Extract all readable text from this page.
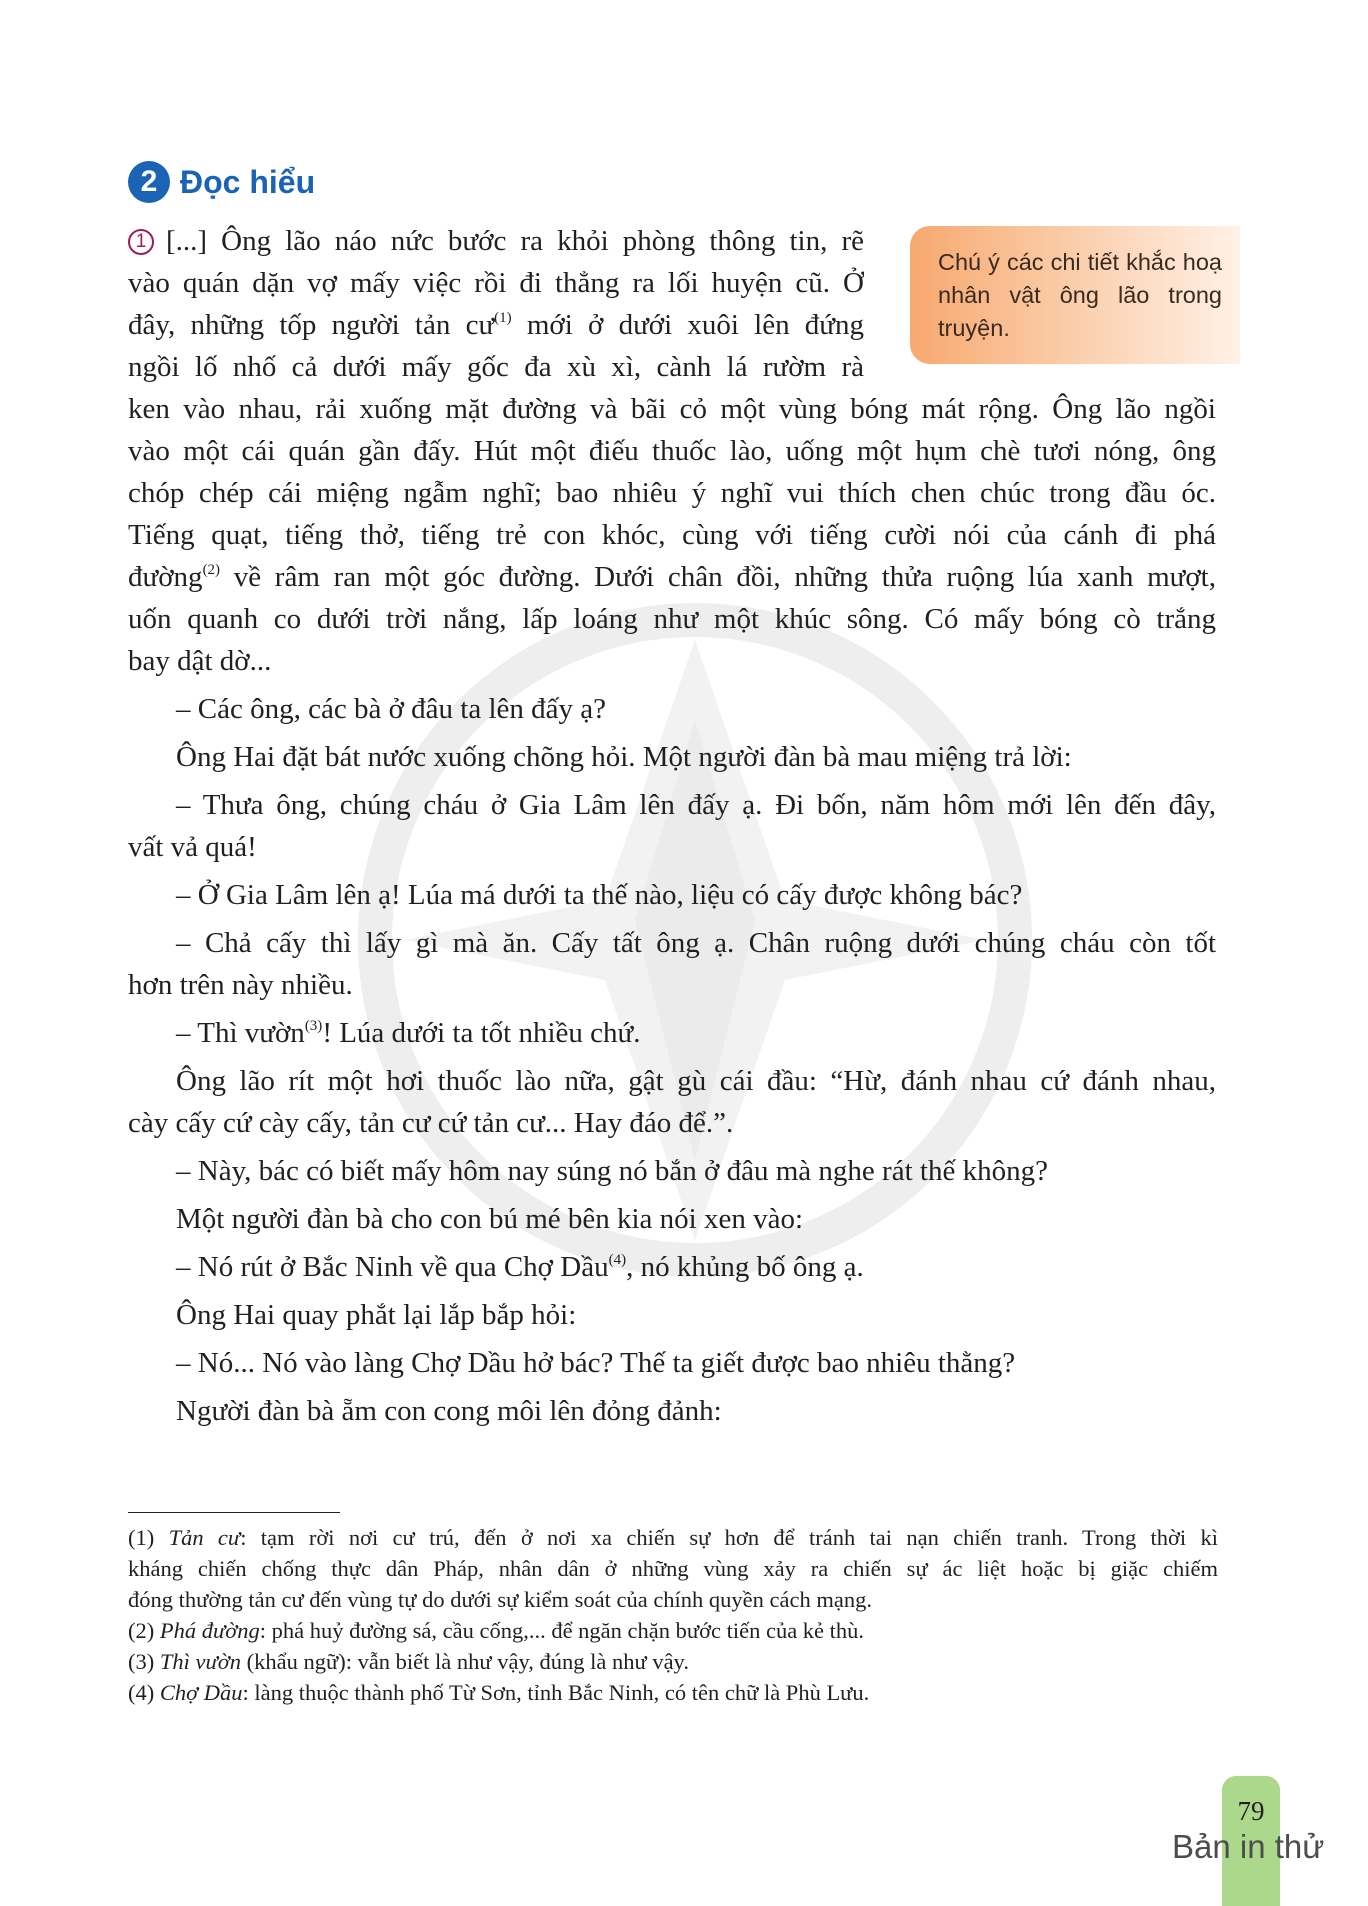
2 Đọc hiểu
Chú ý các chi tiết khắc hoạ nhân vật ông lão trong truyện.
1 [...] Ông lão náo nức bước ra khỏi phòng thông tin, rẽ
vào quán dặn vợ mấy việc rồi đi thẳng ra lối huyện cũ. Ở
đây, những tốp người tản $cư^{(1)}$ mới ở dưới xuôi lên đứng
ngồi lố nhố cả dưới mấy gốc đa xù xì, cành lá rườm rà
ken vào nhau, rải xuống mặt đường và bãi cỏ một vùng bóng mát rộng. Ông lão ngồi
vào một cái quán gần đấy. Hút một điếu thuốc lào, uống một hụm chè tươi nóng, ông
chóp chép cái miệng ngẫm nghĩ; bao nhiêu ý nghĩ vui thích chen chúc trong đầu óc.
Tiếng quạt, tiếng thở, tiếng trẻ con khóc, cùng với tiếng cười nói của cánh đi phá
đường$^{(2)}$ về râm ran một góc đường. Dưới chân đồi, những thửa ruộng lúa xanh mượt,
uốn quanh co dưới trời nắng, lấp loáng như một khúc sông. Có mấy bóng cò trắng
bay dật dờ...
– Các ông, các bà ở đâu ta lên đấy ạ?
Ông Hai đặt bát nước xuống chõng hỏi. Một người đàn bà mau miệng trả lời:
– Thưa ông, chúng cháu ở Gia Lâm lên đấy ạ. Đi bốn, năm hôm mới lên đến đây,
vất vả quá!
– Ở Gia Lâm lên ạ! Lúa má dưới ta thế nào, liệu có cấy được không bác?
– Chả cấy thì lấy gì mà ăn. Cấy tất ông ạ. Chân ruộng dưới chúng cháu còn tốt
hơn trên này nhiều.
– Thì vườn$^{(3)}$! Lúa dưới ta tốt nhiều chứ.
Ông lão rít một hơi thuốc lào nữa, gật gù cái đầu: “Hừ, đánh nhau cứ đánh nhau,
cày cấy cứ cày cấy, tản cư cứ tản cư... Hay đáo để.”.
– Này, bác có biết mấy hôm nay súng nó bắn ở đâu mà nghe rát thế không?
Một người đàn bà cho con bú mé bên kia nói xen vào:
– Nó rút ở Bắc Ninh về qua Chợ Dầu$^{(4)}$, nó khủng bố ông ạ.
Ông Hai quay phắt lại lắp bắp hỏi:
– Nó... Nó vào làng Chợ Dầu hở bác? Thế ta giết được bao nhiêu thằng?
Người đàn bà ẵm con cong môi lên đỏng đảnh:
(1) Tản cư: tạm rời nơi cư trú, đến ở nơi xa chiến sự hơn để tránh tai nạn chiến tranh. Trong thời kì
kháng chiến chống thực dân Pháp, nhân dân ở những vùng xảy ra chiến sự ác liệt hoặc bị giặc chiếm
đóng thường tản cư đến vùng tự do dưới sự kiểm soát của chính quyền cách mạng.
(2) Phá đường: phá huỷ đường sá, cầu cống,... để ngăn chặn bước tiến của kẻ thù.
(3) Thì vườn (khẩu ngữ): vẫn biết là như vậy, đúng là như vậy.
(4) Chợ Dầu: làng thuộc thành phố Từ Sơn, tỉnh Bắc Ninh, có tên chữ là Phù Lưu.
79
Bản in thử
